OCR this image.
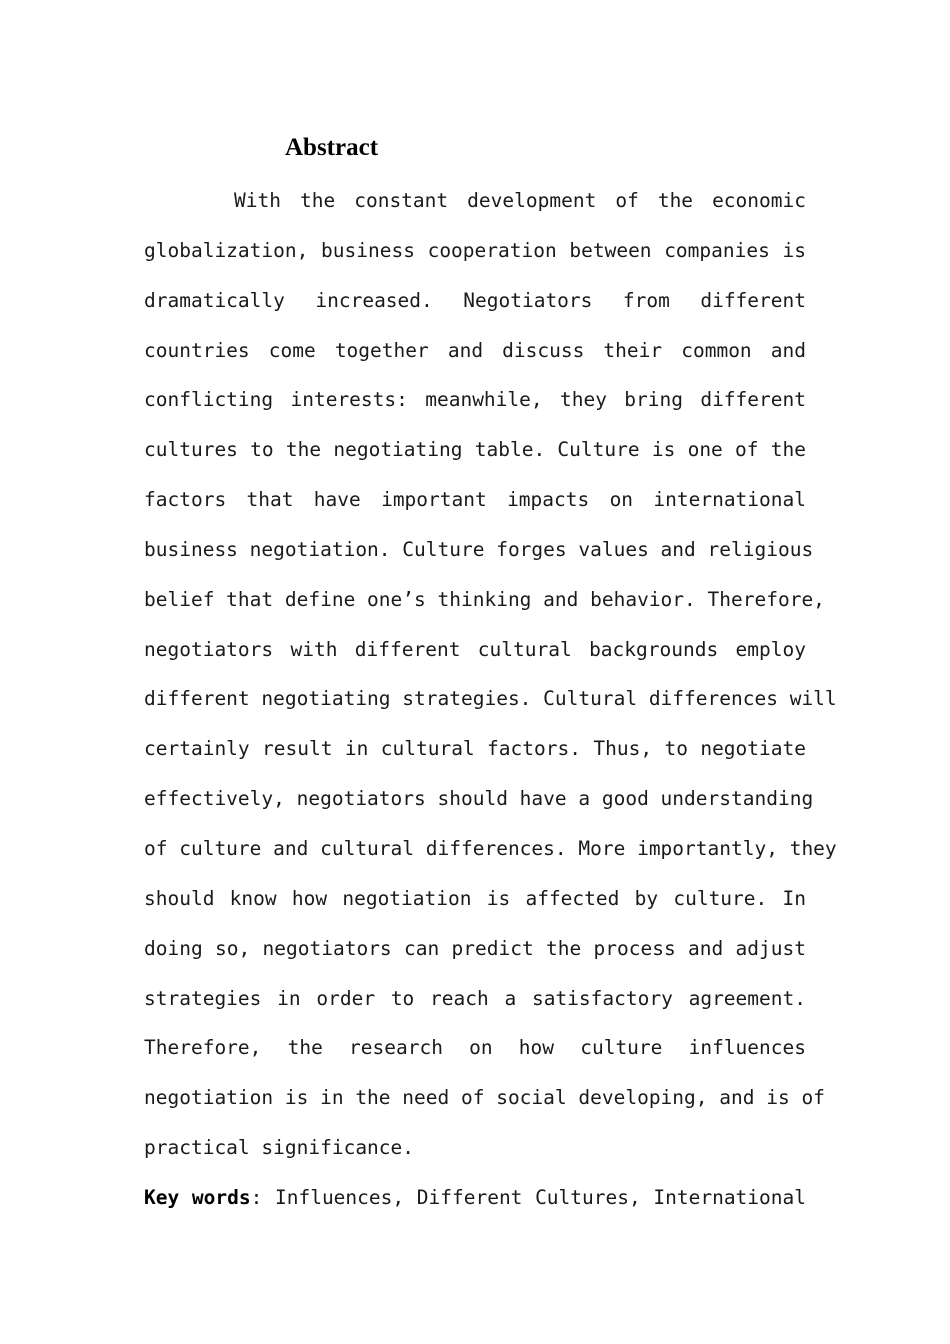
Abstract
With the constant development of the economic
globalization, business cooperation between companies is
dramatically increased. Negotiators from different
countries come together and discuss their common and
conflicting interests: meanwhile, they bring different
cultures to the negotiating table. Culture is one of the
factors that have important impacts on international
business negotiation. Culture forges values and religious
belief that define one’s thinking and behavior. Therefore,
negotiators with different cultural backgrounds employ
different negotiating strategies. Cultural differences will
certainly result in cultural factors. Thus, to negotiate
effectively, negotiators should have a good understanding
of culture and cultural differences. More importantly, they
should know how negotiation is affected by culture. In
doing so, negotiators can predict the process and adjust
strategies in order to reach a satisfactory agreement.
Therefore, the research on how culture influences
negotiation is in the need of social developing, and is of
practical significance.
Key words: Influences, Different Cultures, International
